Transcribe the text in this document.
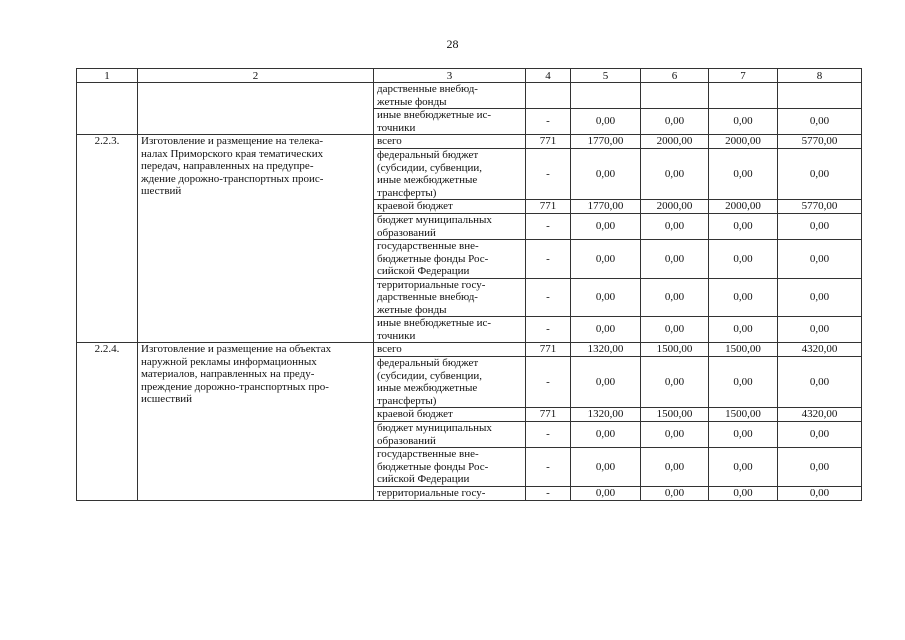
28
1	2	3	4	5	6	7	8
		дарственные внебюд-
жетные фонды					
		иные внебюджетные ис-
точники	-	0,00	0,00	0,00	0,00
2.2.3.	Изготовление и размещение на телека-
налах Приморского края тематических
передач, направленных на предупре-
ждение дорожно-транспортных проис-
шествий	всего	771	1770,00	2000,00	2000,00	5770,00
		федеральный бюджет
(субсидии, субвенции,
иные межбюджетные
трансферты)	-	0,00	0,00	0,00	0,00
		краевой бюджет	771	1770,00	2000,00	2000,00	5770,00
		бюджет муниципальных
образований	-	0,00	0,00	0,00	0,00
		государственные вне-
бюджетные фонды Рос-
сийской Федерации	-	0,00	0,00	0,00	0,00
		территориальные госу-
дарственные внебюд-
жетные фонды	-	0,00	0,00	0,00	0,00
		иные внебюджетные ис-
точники	-	0,00	0,00	0,00	0,00
2.2.4.	Изготовление и размещение на объектах
наружной рекламы информационных
материалов, направленных на преду-
преждение дорожно-транспортных про-
исшествий	всего	771	1320,00	1500,00	1500,00	4320,00
		федеральный бюджет
(субсидии, субвенции,
иные межбюджетные
трансферты)	-	0,00	0,00	0,00	0,00
		краевой бюджет	771	1320,00	1500,00	1500,00	4320,00
		бюджет муниципальных
образований	-	0,00	0,00	0,00	0,00
		государственные вне-
бюджетные фонды Рос-
сийской Федерации	-	0,00	0,00	0,00	0,00
		территориальные госу-	-	0,00	0,00	0,00	0,00
